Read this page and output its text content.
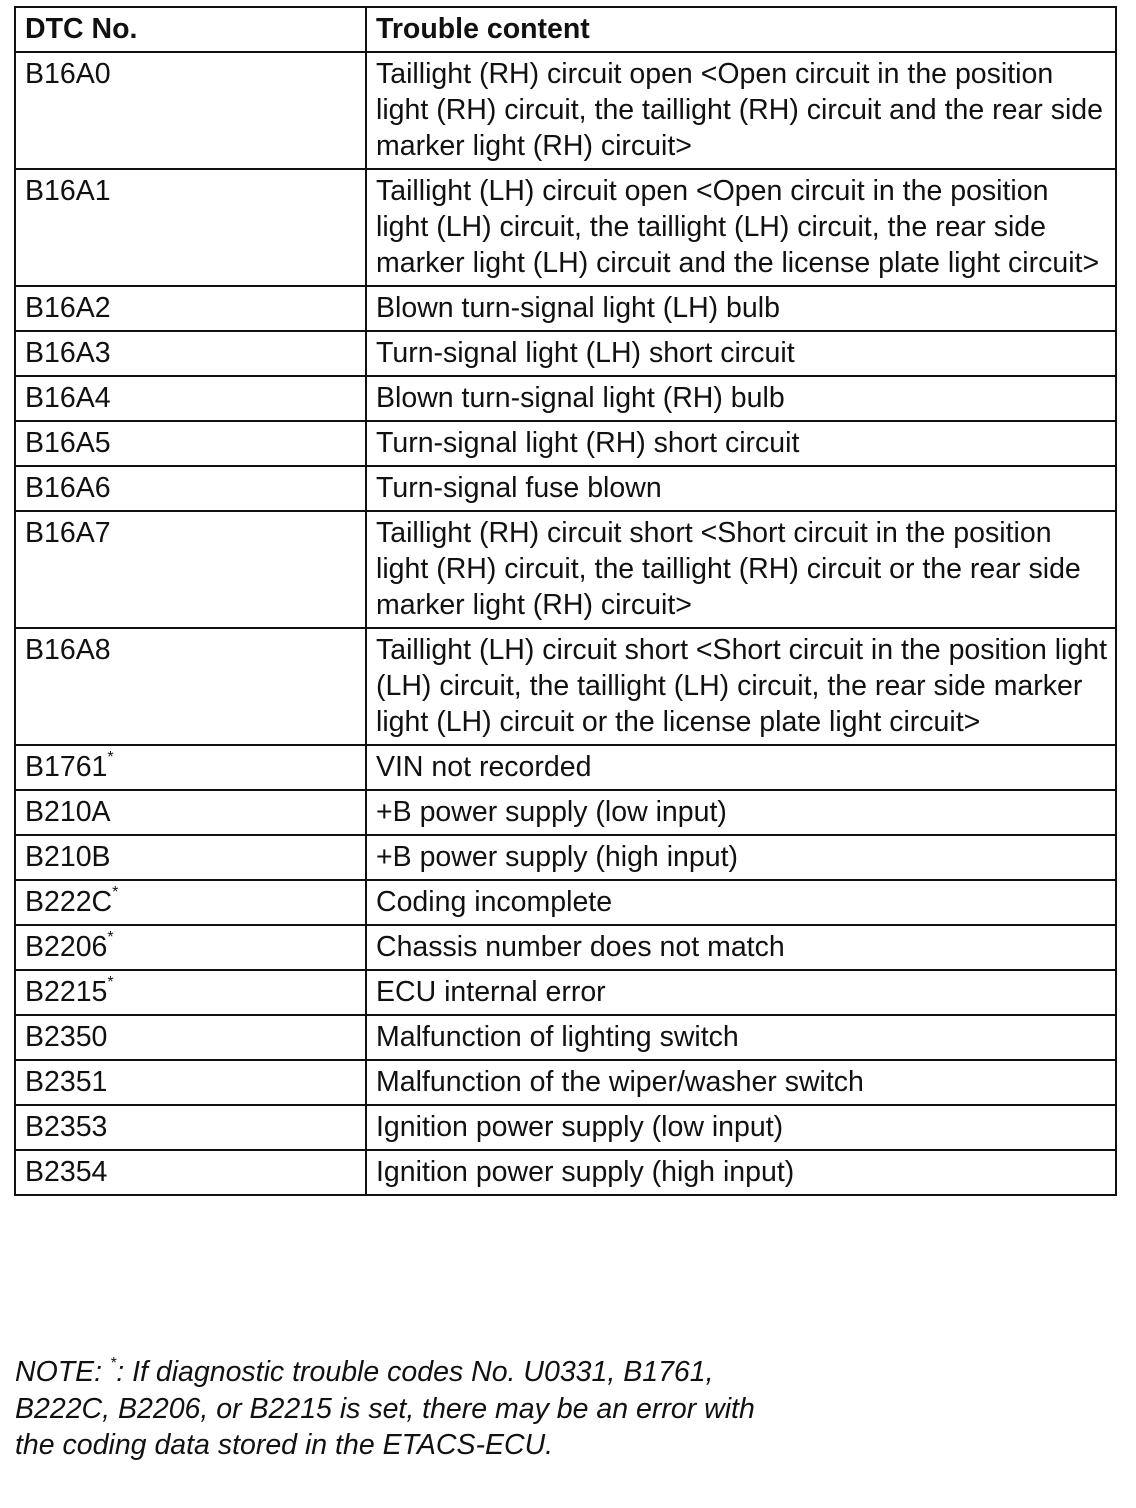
DTC No.	Trouble content
B16A0	Taillight (RH) circuit open <Open circuit in the position light (RH) circuit, the taillight (RH) circuit and the rear side marker light (RH) circuit>
B16A1	Taillight (LH) circuit open <Open circuit in the position light (LH) circuit, the taillight (LH) circuit, the rear side marker light (LH) circuit and the license plate light circuit>
B16A2	Blown turn-signal light (LH) bulb
B16A3	Turn-signal light (LH) short circuit
B16A4	Blown turn-signal light (RH) bulb
B16A5	Turn-signal light (RH) short circuit
B16A6	Turn-signal fuse blown
B16A7	Taillight (RH) circuit short <Short circuit in the position light (RH) circuit, the taillight (RH) circuit or the rear side marker light (RH) circuit>
B16A8	Taillight (LH) circuit short <Short circuit in the position light (LH) circuit, the taillight (LH) circuit, the rear side marker light (LH) circuit or the license plate light circuit>
B1761*	VIN not recorded
B210A	+B power supply (low input)
B210B	+B power supply (high input)
B222C*	Coding incomplete
B2206*	Chassis number does not match
B2215*	ECU internal error
B2350	Malfunction of lighting switch
B2351	Malfunction of the wiper/washer switch
B2353	Ignition power supply (low input)
B2354	Ignition power supply (high input)

NOTE: *: If diagnostic trouble codes No. U0331, B1761, B222C, B2206, or B2215 is set, there may be an error with the coding data stored in the ETACS-ECU.
